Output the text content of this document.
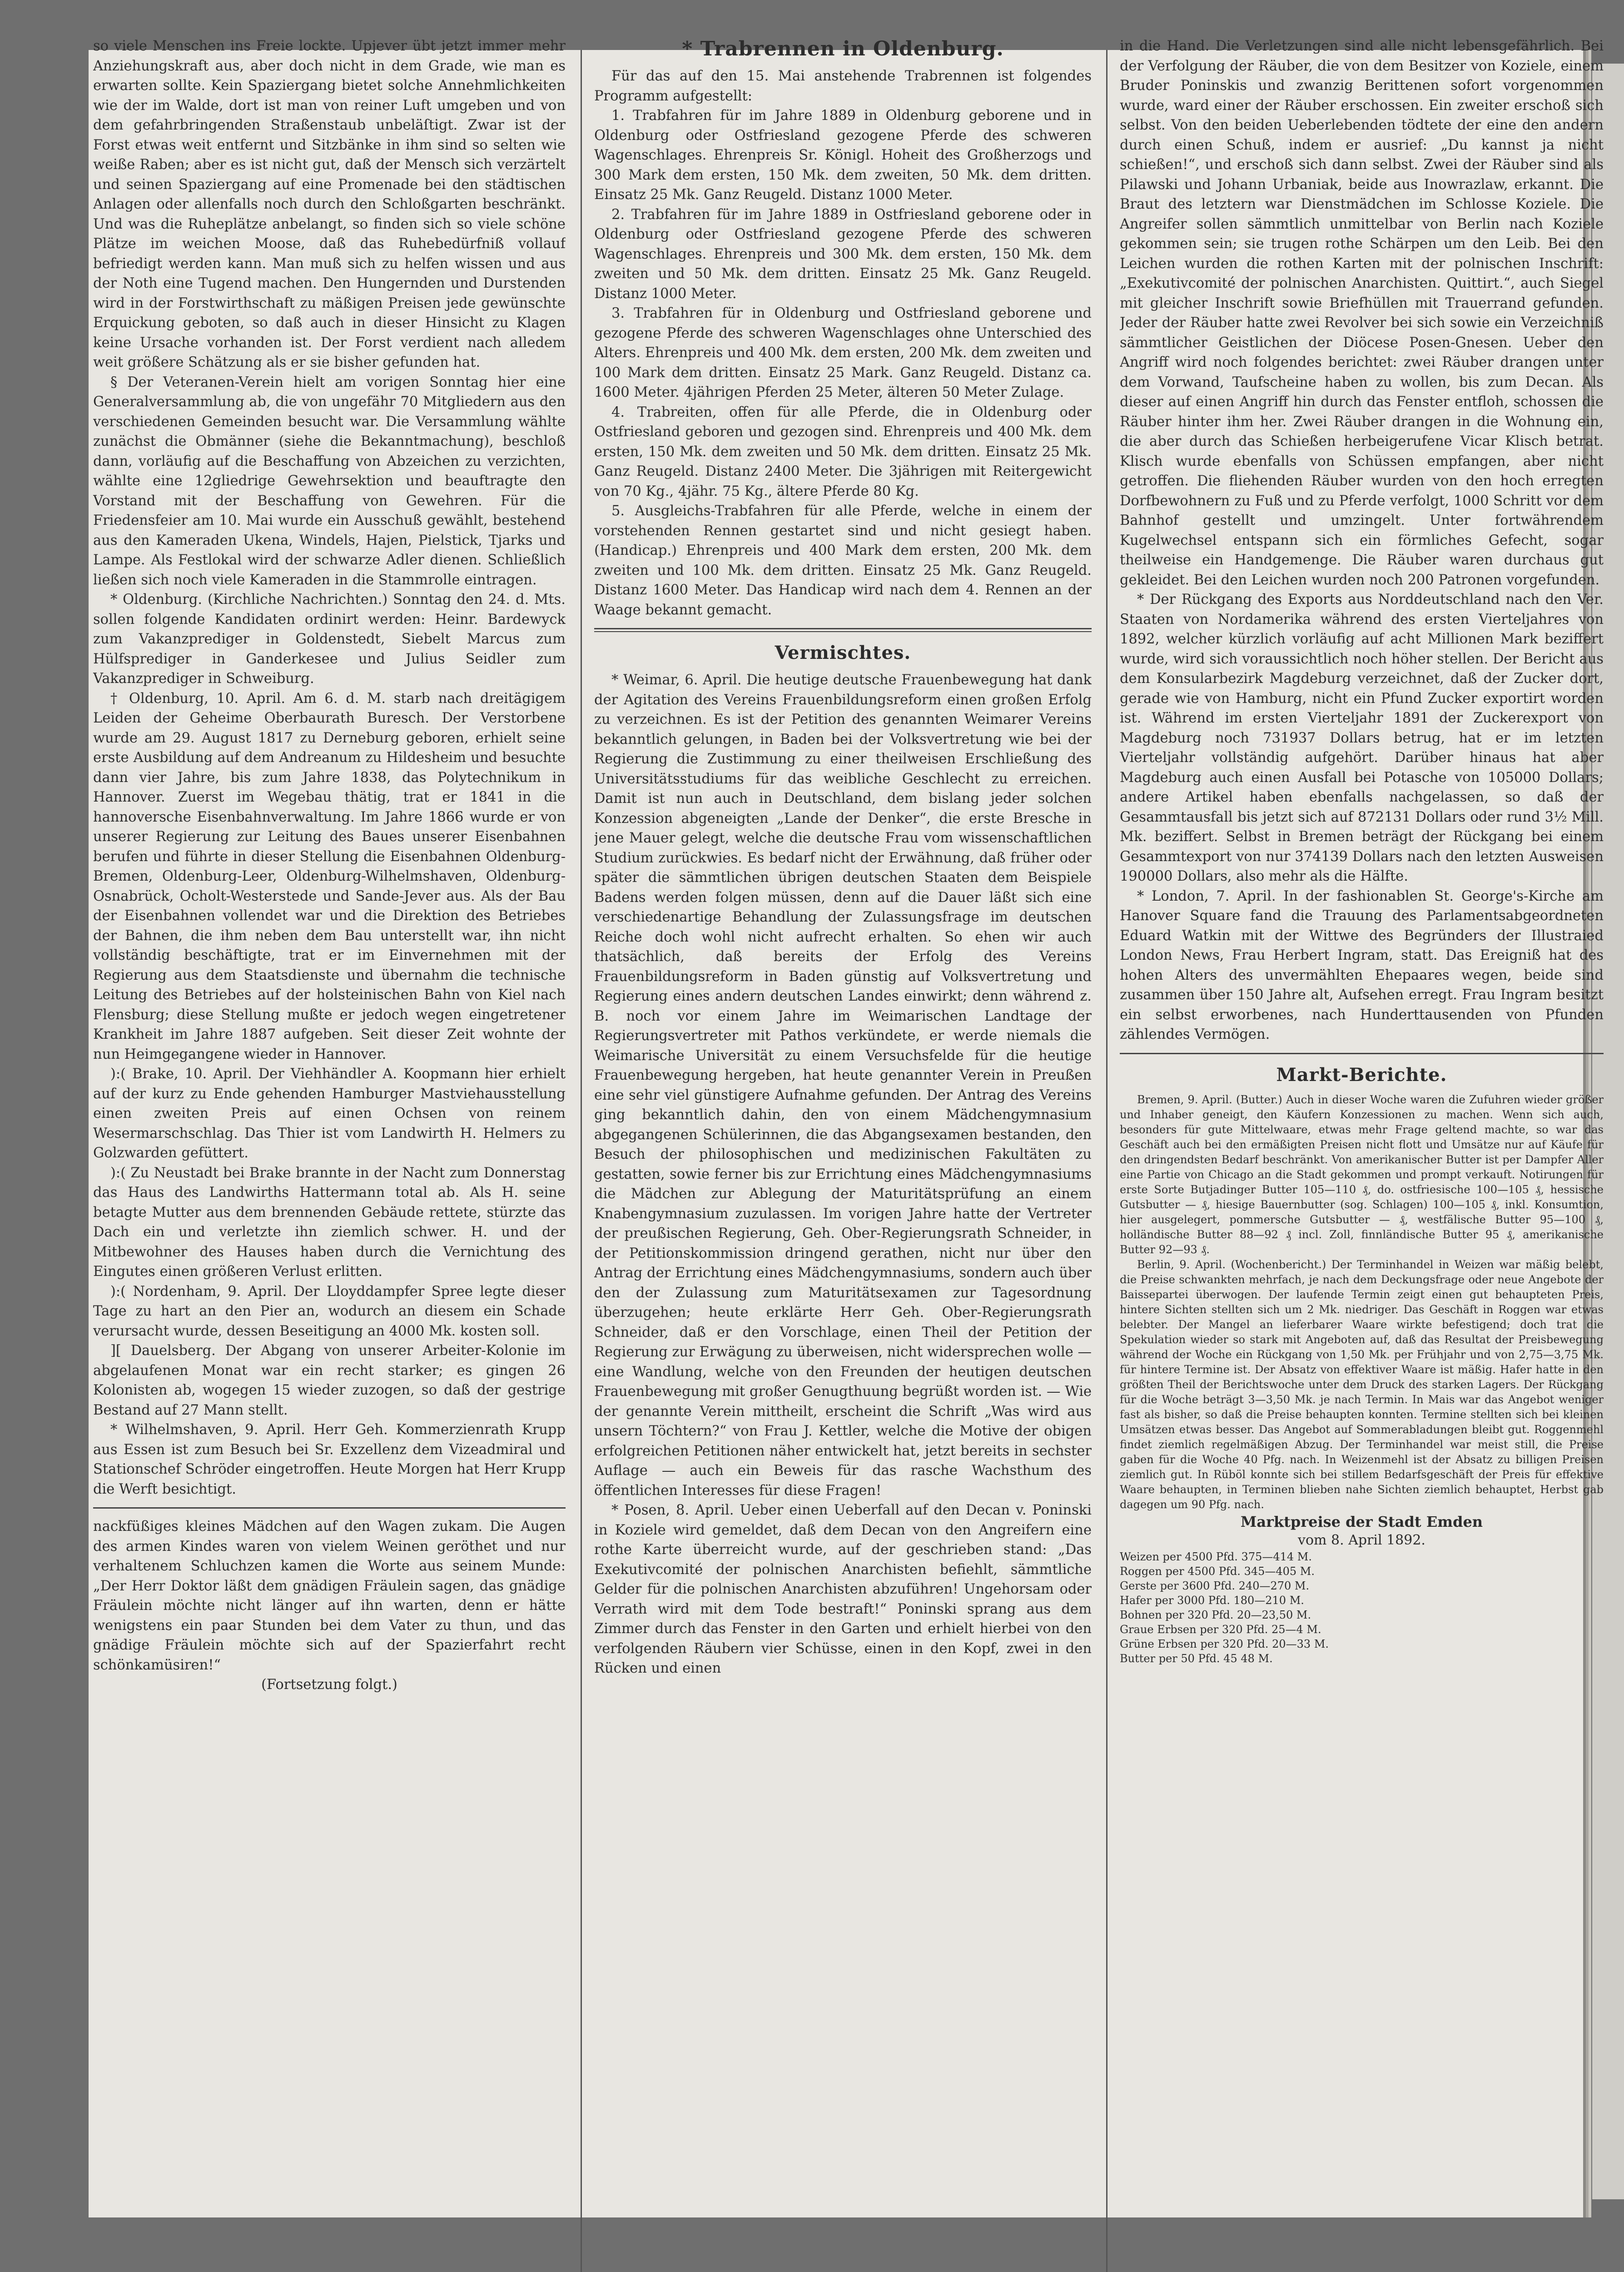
so viele Menschen ins Freie lockte. Upjever übt jetzt immer mehr Anziehungskraft aus, aber doch nicht in dem Grade, wie man es erwarten sollte. Kein Spaziergang bietet solche Annehmlichkeiten wie der im Walde, dort ist man von reiner Luft umgeben und von dem gefahrbringenden Straßenstaub unbeläſtigt. Zwar ist der Forst etwas weit entfernt und Sitzbänke in ihm sind so selten wie weiße Raben; aber es ist nicht gut, daß der Mensch sich verzärtelt und seinen Spaziergang auf eine Promenade bei den städtischen Anlagen oder allenfalls noch durch den Schloßgarten beschränkt. Und was die Ruheplätze anbelangt, so finden sich so viele schöne Plätze im weichen Moose, daß das Ruhebedürfniß vollauf befriedigt werden kann. Man muß sich zu helfen wissen und aus der Noth eine Tugend machen. Den Hungernden und Durstenden wird in der Forstwirthschaft zu mäßigen Preisen jede gewünschte Erquickung geboten, so daß auch in dieser Hinsicht zu Klagen keine Ursache vorhanden ist. Der Forst verdient nach alledem weit größere Schätzung als er sie bisher gefunden hat.

§ Der Veteranen-Verein hielt am vorigen Sonntag hier eine Generalversammlung ab, die von ungefähr 70 Mitgliedern aus den verschiedenen Gemeinden besucht war. Die Versammlung wählte zunächst die Obmänner (siehe die Bekanntmachung), beschloß dann, vorläufig auf die Beschaffung von Abzeichen zu verzichten, wählte eine 12gliedrige Gewehrsektion und beauftragte den Vorstand mit der Beschaffung von Gewehren. Für die Friedensfeier am 10. Mai wurde ein Ausschuß gewählt, bestehend aus den Kameraden Ukena, Windels, Hajen, Pielstick, Tjarks und Lampe. Als Festlokal wird der schwarze Adler dienen. Schließlich ließen sich noch viele Kameraden in die Stammrolle eintragen.

* Oldenburg. (Kirchliche Nachrichten.) Sonntag den 24. d. Mts. sollen folgende Kandidaten ordinirt werden: Heinr. Bardewyck zum Vakanzprediger in Goldenstedt, Siebelt Marcus zum Hülfsprediger in Ganderkesee und Julius Seidler zum Vakanzprediger in Schweiburg.

† Oldenburg, 10. April. Am 6. d. M. starb nach dreitägigem Leiden der Geheime Oberbaurath Buresch. Der Verstorbene wurde am 29. August 1817 zu Derneburg geboren, erhielt seine erste Ausbildung auf dem Andreanum zu Hildesheim und besuchte dann vier Jahre, bis zum Jahre 1838, das Polytechnikum in Hannover. Zuerst im Wegebau thätig, trat er 1841 in die hannoversche Eisenbahnverwaltung. Im Jahre 1866 wurde er von unserer Regierung zur Leitung des Baues unserer Eisenbahnen berufen und führte in dieser Stellung die Eisenbahnen Oldenburg-Bremen, Oldenburg-Leer, Oldenburg-Wilhelmshaven, Oldenburg-Osnabrück, Ocholt-Westerstede und Sande-Jever aus. Als der Bau der Eisenbahnen vollendet war und die Direktion des Betriebes der Bahnen, die ihm neben dem Bau unterstellt war, ihn nicht vollständig beschäftigte, trat er im Einvernehmen mit der Regierung aus dem Staatsdienste und übernahm die technische Leitung des Betriebes auf der holsteinischen Bahn von Kiel nach Flensburg; diese Stellung mußte er jedoch wegen eingetretener Krankheit im Jahre 1887 aufgeben. Seit dieser Zeit wohnte der nun Heimgegangene wieder in Hannover.

):( Brake, 10. April. Der Viehhändler A. Koopmann hier erhielt auf der kurz zu Ende gehenden Hamburger Mastviehausstellung einen zweiten Preis auf einen Ochsen von reinem Wesermarschschlag. Das Thier ist vom Landwirth H. Helmers zu Golzwarden gefüttert.

):( Zu Neustadt bei Brake brannte in der Nacht zum Donnerstag das Haus des Landwirths Hattermann total ab. Als H. seine betagte Mutter aus dem brennenden Gebäude rettete, stürzte das Dach ein und verletzte ihn ziemlich schwer. H. und der Mitbewohner des Hauses haben durch die Vernichtung des Eingutes einen größeren Verlust erlitten.

):( Nordenham, 9. April. Der Lloyddampfer Spree legte dieser Tage zu hart an den Pier an, wodurch an diesem ein Schade verursacht wurde, dessen Beseitigung an 4000 Mk. kosten soll.

][ Dauelsberg. Der Abgang von unserer Arbeiter-Kolonie im abgelaufenen Monat war ein recht starker; es gingen 26 Kolonisten ab, wogegen 15 wieder zuzogen, so daß der gestrige Bestand auf 27 Mann stellt.

* Wilhelmshaven, 9. April. Herr Geh. Kommerzienrath Krupp aus Essen ist zum Besuch bei Sr. Exzellenz dem Vizeadmiral und Stationschef Schröder eingetroffen. Heute Morgen hat Herr Krupp die Werft besichtigt.

nackfüßiges kleines Mädchen auf den Wagen zukam. Die Augen des armen Kindes waren von vielem Weinen geröthet und nur verhaltenem Schluchzen kamen die Worte aus seinem Munde: „Der Herr Doktor läßt dem gnädigen Fräulein sagen, das gnädige Fräulein möchte nicht länger auf ihn warten, denn er hätte wenigstens ein paar Stunden bei dem Vater zu thun, und das gnädige Fräulein möchte sich auf der Spazierfahrt recht schönkamüsiren!“

(Fortsetzung folgt.)

* Trabrennen in Oldenburg.

Für das auf den 15. Mai anstehende Trabrennen ist folgendes Programm aufgestellt:

1. Trabfahren für im Jahre 1889 in Oldenburg geborene und in Oldenburg oder Ostfriesland gezogene Pferde des schweren Wagenschlages. Ehrenpreis Sr. Königl. Hoheit des Großherzogs und 300 Mark dem ersten, 150 Mk. dem zweiten, 50 Mk. dem dritten. Einsatz 25 Mk. Ganz Reugeld. Distanz 1000 Meter.

2. Trabfahren für im Jahre 1889 in Ostfriesland geborene oder in Oldenburg oder Ostfriesland gezogene Pferde des schweren Wagenschlages. Ehrenpreis und 300 Mk. dem ersten, 150 Mk. dem zweiten und 50 Mk. dem dritten. Einsatz 25 Mk. Ganz Reugeld. Distanz 1000 Meter.

3. Trabfahren für in Oldenburg und Ostfriesland geborene und gezogene Pferde des schweren Wagenschlages ohne Unterschied des Alters. Ehrenpreis und 400 Mk. dem ersten, 200 Mk. dem zweiten und 100 Mark dem dritten. Einsatz 25 Mark. Ganz Reugeld. Distanz ca. 1600 Meter. 4jährigen Pferden 25 Meter, älteren 50 Meter Zulage.

4. Trabreiten, offen für alle Pferde, die in Oldenburg oder Ostfriesland geboren und gezogen sind. Ehrenpreis und 400 Mk. dem ersten, 150 Mk. dem zweiten und 50 Mk. dem dritten. Einsatz 25 Mk. Ganz Reugeld. Distanz 2400 Meter. Die 3jährigen mit Reitergewicht von 70 Kg., 4jähr. 75 Kg., ältere Pferde 80 Kg.

5. Ausgleichs-Trabfahren für alle Pferde, welche in einem der vorstehenden Rennen gestartet sind und nicht gesiegt haben. (Handicap.) Ehrenpreis und 400 Mark dem ersten, 200 Mk. dem zweiten und 100 Mk. dem dritten. Einsatz 25 Mk. Ganz Reugeld. Distanz 1600 Meter. Das Handicap wird nach dem 4. Rennen an der Waage bekannt gemacht.

Vermischtes.

* Weimar, 6. April. Die heutige deutsche Frauenbewegung hat dank der Agitation des Vereins Frauenbildungsreform einen großen Erfolg zu verzeichnen. Es ist der Petition des genannten Weimarer Vereins bekanntlich gelungen, in Baden bei der Volksvertretung wie bei der Regierung die Zustimmung zu einer theilweisen Erschließung des Universitätsstudiums für das weibliche Geschlecht zu erreichen. Damit ist nun auch in Deutschland, dem bislang jeder solchen Konzession abgeneigten „Lande der Denker“, die erste Bresche in jene Mauer gelegt, welche die deutsche Frau vom wissenschaftlichen Studium zurückwies. Es bedarf nicht der Erwähnung, daß früher oder später die sämmtlichen übrigen deutschen Staaten dem Beispiele Badens werden folgen müssen, denn auf die Dauer läßt sich eine verschiedenartige Behandlung der Zulassungsfrage im deutschen Reiche doch wohl nicht aufrecht erhalten. So ehen wir auch thatsächlich, daß bereits der Erfolg des Vereins Frauenbildungsreform in Baden günstig auf Volksvertretung und Regierung eines andern deutschen Landes einwirkt; denn während z. B. noch vor einem Jahre im Weimarischen Landtage der Regierungsvertreter mit Pathos verkündete, er werde niemals die Weimarische Universität zu einem Versuchsfelde für die heutige Frauenbewegung hergeben, hat heute genannter Verein in Preußen eine sehr viel günstigere Aufnahme gefunden. Der Antrag des Vereins ging bekanntlich dahin, den von einem Mädchengymnasium abgegangenen Schülerinnen, die das Abgangsexamen bestanden, den Besuch der philosophischen und medizinischen Fakultäten zu gestatten, sowie ferner bis zur Errichtung eines Mädchengymnasiums die Mädchen zur Ablegung der Maturitätsprüfung an einem Knabengymnasium zuzulassen. Im vorigen Jahre hatte der Vertreter der preußischen Regierung, Geh. Ober-Regierungsrath Schneider, in der Petitionskommission dringend gerathen, nicht nur über den Antrag der Errichtung eines Mädchengymnasiums, sondern auch über den der Zulassung zum Maturitätsexamen zur Tagesordnung überzugehen; heute erklärte Herr Geh. Ober-Regierungsrath Schneider, daß er den Vorschlage, einen Theil der Petition der Regierung zur Erwägung zu überweisen, nicht widersprechen wolle — eine Wandlung, welche von den Freunden der heutigen deutschen Frauenbewegung mit großer Genugthuung begrüßt worden ist. — Wie der genannte Verein mittheilt, erscheint die Schrift „Was wird aus unsern Töchtern?“ von Frau J. Kettler, welche die Motive der obigen erfolgreichen Petitionen näher entwickelt hat, jetzt bereits in sechster Auflage — auch ein Beweis für das rasche Wachsthum des öffentlichen Interesses für diese Fragen!

* Posen, 8. April. Ueber einen Ueberfall auf den Decan v. Poninski in Koziele wird gemeldet, daß dem Decan von den Angreifern eine rothe Karte überreicht wurde, auf der geschrieben stand: „Das Exekutivcomité der polnischen Anarchisten befiehlt, sämmtliche Gelder für die polnischen Anarchisten abzuführen! Ungehorsam oder Verrath wird mit dem Tode bestraft!“ Poninski sprang aus dem Zimmer durch das Fenster in den Garten und erhielt hierbei von den verfolgenden Räubern vier Schüsse, einen in den Kopf, zwei in den Rücken und einen

in die Hand. Die Verletzungen sind alle nicht lebensgefährlich. Bei der Verfolgung der Räuber, die von dem Besitzer von Koziele, einem Bruder Poninskis und zwanzig Berittenen sofort vorgenommen wurde, ward einer der Räuber erschossen. Ein zweiter erschoß sich selbst. Von den beiden Ueberlebenden tödtete der eine den andern durch einen Schuß, indem er ausrief: „Du kannst ja nicht schießen!“, und erschoß sich dann selbst. Zwei der Räuber sind als Pilawski und Johann Urbaniak, beide aus Inowrazlaw, erkannt. Die Braut des letztern war Dienstmädchen im Schlosse Koziele. Die Angreifer sollen sämmtlich unmittelbar von Berlin nach Koziele gekommen sein; sie trugen rothe Schärpen um den Leib. Bei den Leichen wurden die rothen Karten mit der polnischen Inschrift: „Exekutivcomité der polnischen Anarchisten. Quittirt.“, auch Siegel mit gleicher Inschrift sowie Briefhüllen mit Trauerrand gefunden. Jeder der Räuber hatte zwei Revolver bei sich sowie ein Verzeichniß sämmtlicher Geistlichen der Diöcese Posen-Gnesen. Ueber den Angriff wird noch folgendes berichtet: zwei Räuber drangen unter dem Vorwand, Taufscheine haben zu wollen, bis zum Decan. Als dieser auf einen Angriff hin durch das Fenster entfloh, schossen die Räuber hinter ihm her. Zwei Räuber drangen in die Wohnung ein, die aber durch das Schießen herbeigerufene Vicar Klisch betrat. Klisch wurde ebenfalls von Schüssen empfangen, aber nicht getroffen. Die fliehenden Räuber wurden von den hoch erregten Dorfbewohnern zu Fuß und zu Pferde verfolgt, 1000 Schritt vor dem Bahnhof gestellt und umzingelt. Unter fortwährendem Kugelwechsel entspann sich ein förmliches Gefecht, sogar theilweise ein Handgemenge. Die Räuber waren durchaus gut gekleidet. Bei den Leichen wurden noch 200 Patronen vorgefunden.

* Der Rückgang des Exports aus Norddeutschland nach den Ver. Staaten von Nordamerika während des ersten Vierteljahres von 1892, welcher kürzlich vorläufig auf acht Millionen Mark beziffert wurde, wird sich voraussichtlich noch höher stellen. Der Bericht aus dem Konsularbezirk Magdeburg verzeichnet, daß der Zucker dort, gerade wie von Hamburg, nicht ein Pfund Zucker exportirt worden ist. Während im ersten Vierteljahr 1891 der Zuckerexport von Magdeburg noch 731937 Dollars betrug, hat er im letzten Vierteljahr vollständig aufgehört. Darüber hinaus hat aber Magdeburg auch einen Ausfall bei Potasche von 105000 Dollars; andere Artikel haben ebenfalls nachgelassen, so daß der Gesammtausfall bis jetzt sich auf 872131 Dollars oder rund 3½ Mill. Mk. beziffert. Selbst in Bremen beträgt der Rückgang bei einem Gesammtexport von nur 374139 Dollars nach den letzten Ausweisen 190000 Dollars, also mehr als die Hälfte.

* London, 7. April. In der fashionablen St. George's-Kirche am Hanover Square fand die Trauung des Parlamentsabgeordneten Eduard Watkin mit der Wittwe des Begründers der Illustraied London News, Frau Herbert Ingram, statt. Das Ereigniß hat des hohen Alters des unvermählten Ehepaares wegen, beide sind zusammen über 150 Jahre alt, Aufsehen erregt. Frau Ingram besitzt ein selbst erworbenes, nach Hunderttausenden von Pfunden zählendes Vermögen.

Markt-Berichte.

Bremen, 9. April. (Butter.) Auch in dieser Woche waren die Zufuhren wieder größer und Inhaber geneigt, den Käufern Konzessionen zu machen. Wenn sich auch, besonders für gute Mittelwaare, etwas mehr Frage geltend machte, so war das Geschäft auch bei den ermäßigten Preisen nicht flott und Umsätze nur auf Käufe für den dringendsten Bedarf beschränkt. Von amerikanischer Butter ist per Dampfer Aller eine Partie von Chicago an die Stadt gekommen und prompt verkauft. Notirungen für erste Sorte Butjadinger Butter 105—110 ₰, do. ostfriesische 100—105 ₰, hessische Gutsbutter — ₰, hiesige Bauernbutter (sog. Schlagen) 100—105 ₰, inkl. Konsumtion, hier ausgelegert, pommersche Gutsbutter — ₰, westfälische Butter 95—100 ₰, holländische Butter 88—92 ₰ incl. Zoll, finnländische Butter 95 ₰, amerikanische Butter 92—93 ₰.

Berlin, 9. April. (Wochenbericht.) Der Terminhandel in Weizen war mäßig belebt, die Preise schwankten mehrfach, je nach dem Deckungsfrage oder neue Angebote der Baissepartei überwogen. Der laufende Termin zeigt einen gut behaupteten Preis, hintere Sichten stellten sich um 2 Mk. niedriger. Das Geschäft in Roggen war etwas belebter. Der Mangel an lieferbarer Waare wirkte befestigend; doch trat die Spekulation wieder so stark mit Angeboten auf, daß das Resultat der Preisbewegung während der Woche ein Rückgang von 1,50 Mk. per Frühjahr und von 2,75—3,75 Mk. für hintere Termine ist. Der Absatz von effektiver Waare ist mäßig. Hafer hatte in den größten Theil der Berichtswoche unter dem Druck des starken Lagers. Der Rückgang für die Woche beträgt 3—3,50 Mk. je nach Termin. In Mais war das Angebot weniger fast als bisher, so daß die Preise behaupten konnten. Termine stellten sich bei kleinen Umsätzen etwas besser. Das Angebot auf Sommerabladungen bleibt gut. Roggenmehl findet ziemlich regelmäßigen Abzug. Der Terminhandel war meist still, die Preise gaben für die Woche 40 Pfg. nach. In Weizenmehl ist der Absatz zu billigen Preisen ziemlich gut. In Rüböl konnte sich bei stillem Bedarfsgeschäft der Preis für effektive Waare behaupten, in Terminen blieben nahe Sichten ziemlich behauptet, Herbst gab dagegen um 90 Pfg. nach.

Marktpreise der Stadt Emden
vom 8. April 1892.

Weizen per 4500 Pfd. 375—414 M.

Roggen per 4500 Pfd. 345—405 M.

Gerste per 3600 Pfd. 240—270 M.

Hafer per 3000 Pfd. 180—210 M.

Bohnen per 320 Pfd. 20—23,50 M.

Graue Erbsen per 320 Pfd. 25—4 M.

Grüne Erbsen per 320 Pfd. 20—33 M.

Butter per 50 Pfd. 45 48 M.
